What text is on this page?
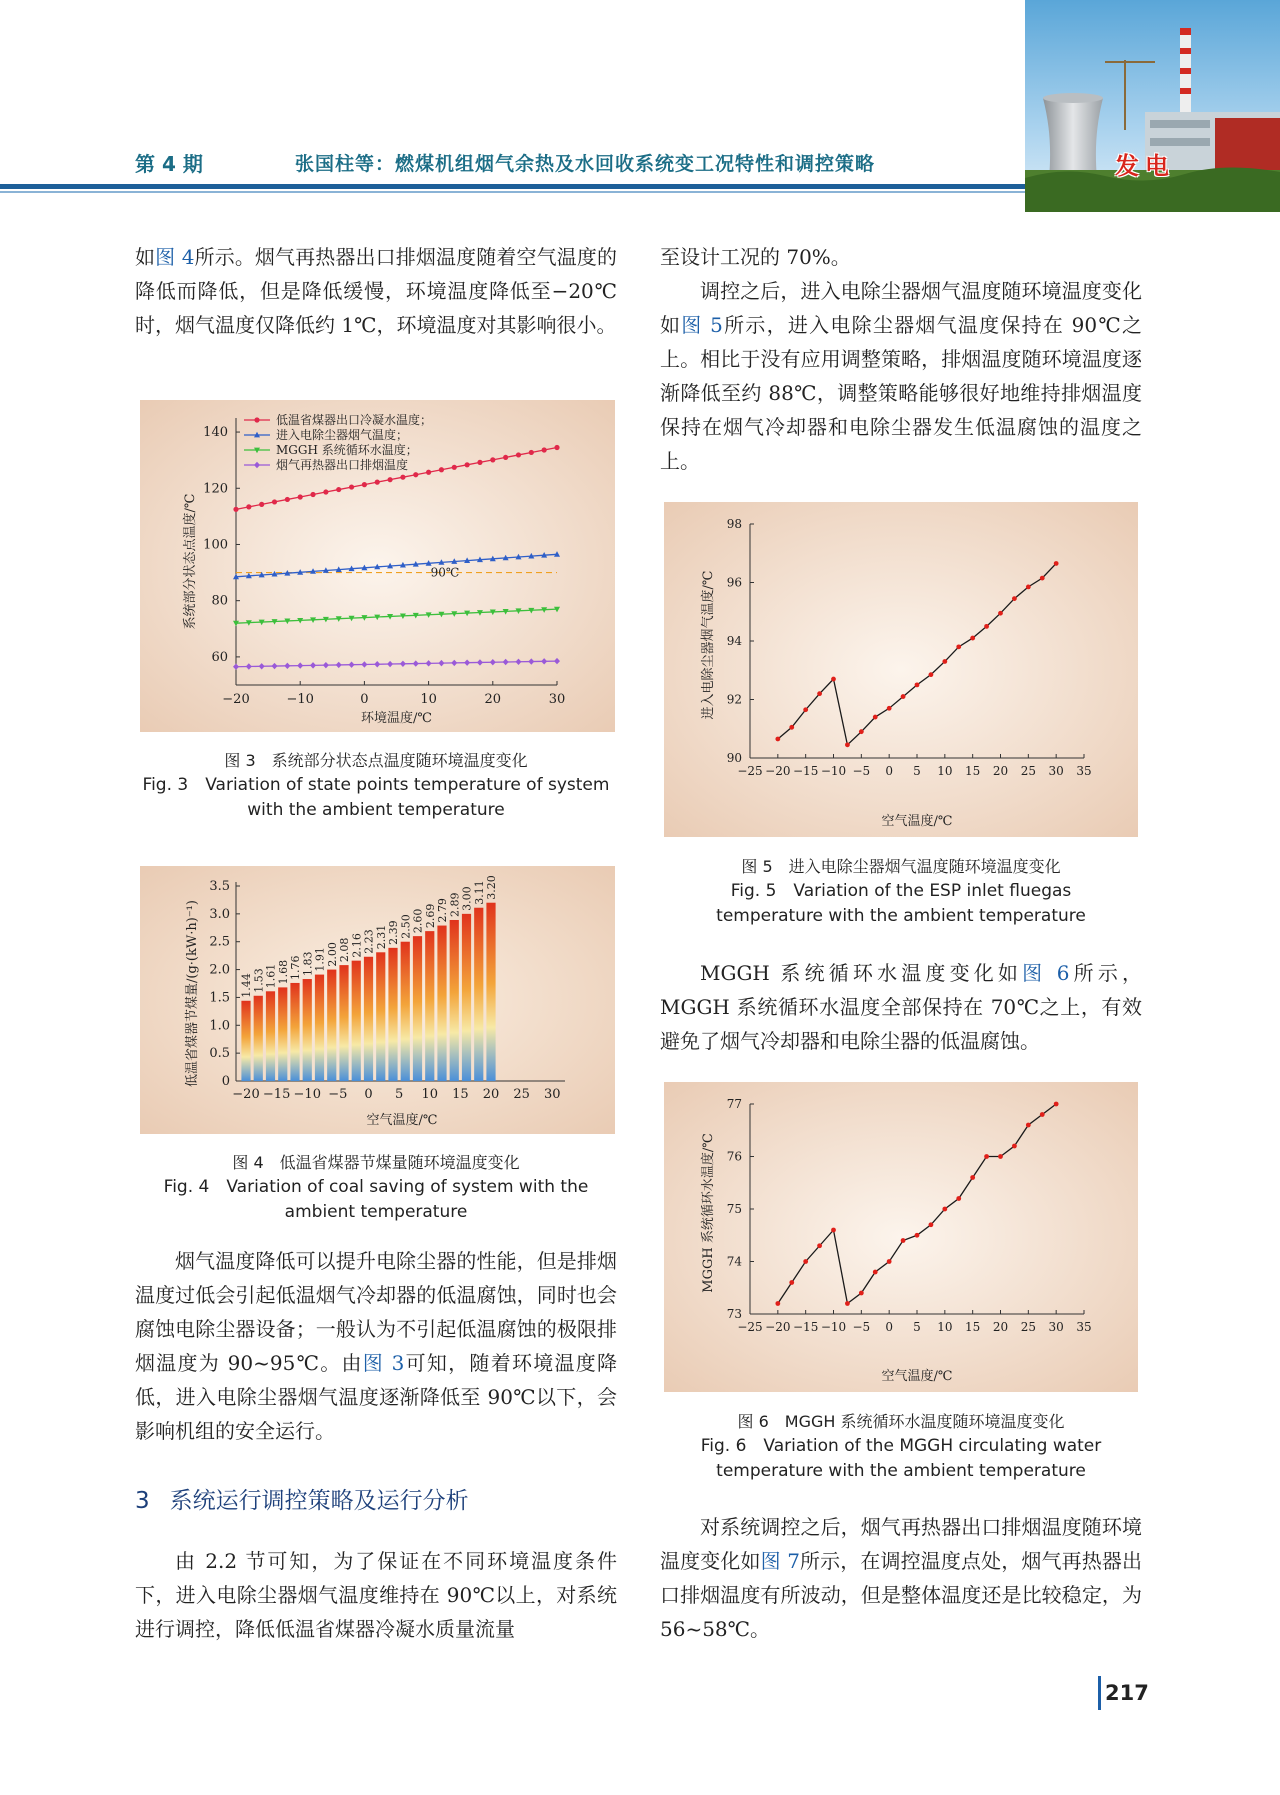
第 4 期	张国柱等：燃煤机组烟气余热及水回收系统变工况特性和调控策略	发电
如图 4所示。烟气再热器出口排烟温度随着空气温度的降低而降低，但是降低缓慢，环境温度降低至−20℃时，烟气温度仅降低约 1℃，环境温度对其影响很小。
−20	−10	0	10	20	30
60
80
100
120
140
环境温度/℃
系统部分状态点温度/℃	90℃
低温省煤器出口冷凝水温度；
进入电除尘器烟气温度；
MGGH 系统循环水温度；
烟气再热器出口排烟温度
图 3　系统部分状态点温度随环境温度变化
Fig. 3　Variation of state points temperature of system
with the ambient temperature
0
0.5
1.0
1.5
2.0
2.5
3.0
3.5
1.44 1.53 1.61 1.68 1.76 1.83 1.91 2.00 2.08 2.16 2.23 2.31 2.39 2.50 2.60 2.69 2.79 2.89 3.00 3.11 3.20
−20 −15 −10 −5 0 5 10 15 20 25 30
空气温度/℃
低温省煤器节煤量/(g·(kW·h)⁻¹)
图 4　低温省煤器节煤量随环境温度变化
Fig. 4　Variation of coal saving of system with the
ambient temperature
烟气温度降低可以提升电除尘器的性能，但是排烟温度过低会引起低温烟气冷却器的低温腐蚀，同时也会腐蚀电除尘器设备；一般认为不引起低温腐蚀的极限排烟温度为 90~95℃。由图 3可知，随着环境温度降低，进入电除尘器烟气温度逐渐降低至 90℃以下，会影响机组的安全运行。
3 系统运行调控策略及运行分析
由 2.2 节可知，为了保证在不同环境温度条件下，进入电除尘器烟气温度维持在 90℃以上，对系统进行调控，降低低温省煤器冷凝水质量流量
至设计工况的 70%。
调控之后，进入电除尘器烟气温度随环境温度变化如图 5所示，进入电除尘器烟气温度保持在 90℃之上。相比于没有应用调整策略，排烟温度随环境温度逐渐降低至约 88℃，调整策略能够很好地维持排烟温度保持在烟气冷却器和电除尘器发生低温腐蚀的温度之上。
−25 −20 −15 −10 −5 0 5 10 15 20 25 30 35
90
92
94
96
98
空气温度/℃
进入电除尘器烟气温度/℃
图 5　进入电除尘器烟气温度随环境温度变化
Fig. 5　Variation of the ESP inlet fluegas
temperature with the ambient temperature
MGGH 系统循环水温度变化如图 6所示，MGGH 系统循环水温度全部保持在 70℃之上，有效避免了烟气冷却器和电除尘器的低温腐蚀。
−25 −20 −15 −10 −5 0 5 10 15 20 25 30 35
73
74
75
76
77
空气温度/℃
MGGH 系统循环水温度/℃
图 6　MGGH 系统循环水温度随环境温度变化
Fig. 6　Variation of the MGGH circulating water
temperature with the ambient temperature
对系统调控之后，烟气再热器出口排烟温度随环境温度变化如图 7所示，在调控温度点处，烟气再热器出口排烟温度有所波动，但是整体温度还是比较稳定，为 56~58℃。
217
